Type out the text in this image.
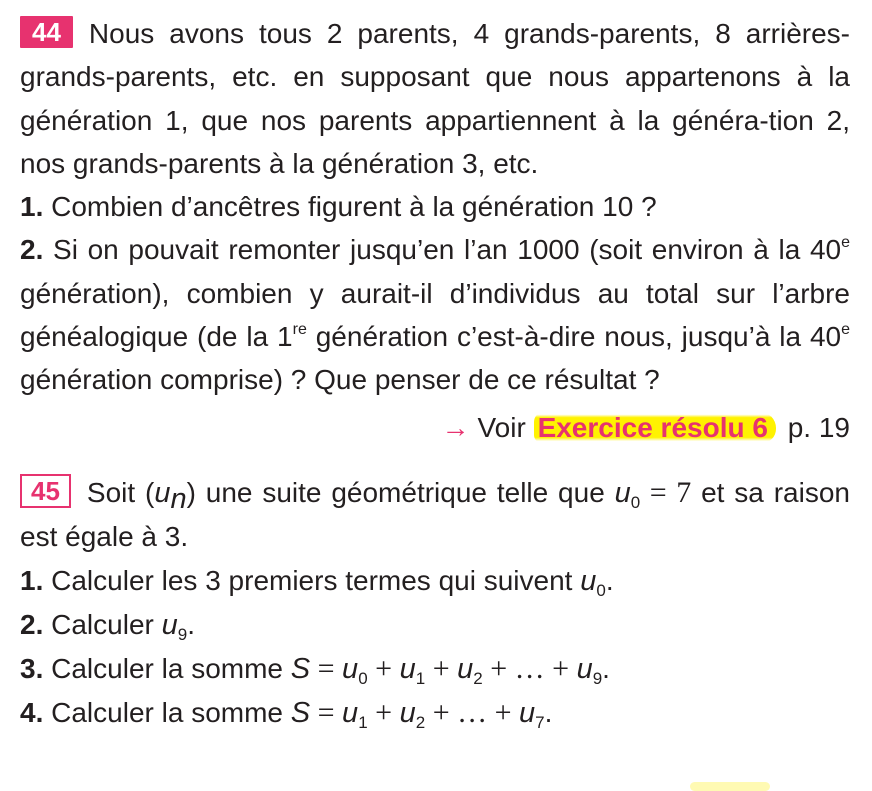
44 Nous avons tous 2 parents, 4 grands-parents, 8 arrières-grands-parents, etc. en supposant que nous appartenons à la génération 1, que nos parents appartiennent à la généra-tion 2, nos grands-parents à la génération 3, etc.

1. Combien d’ancêtres figurent à la génération 10 ?

2. Si on pouvait remonter jusqu’en l’an 1000 (soit environ à la 40e génération), combien y aurait-il d’individus au total sur l’arbre généalogique (de la 1re génération c’est-à-dire nous, jusqu’à la 40e génération comprise) ? Que penser de ce résultat ?

→ Voir Exercice résolu 6 p. 19

45 Soit $(u_n)$ une suite géométrique telle que $u_0 = 7$ et sa raison est égale à 3.

1. Calculer les 3 premiers termes qui suivent $u_0$.

2. Calculer $u_9$.

3. Calculer la somme $S = u_0 + u_1 + u_2$ + … + $u_9$.

4. Calculer la somme $S = u_1 + u_2$ + … + $u_7$.
